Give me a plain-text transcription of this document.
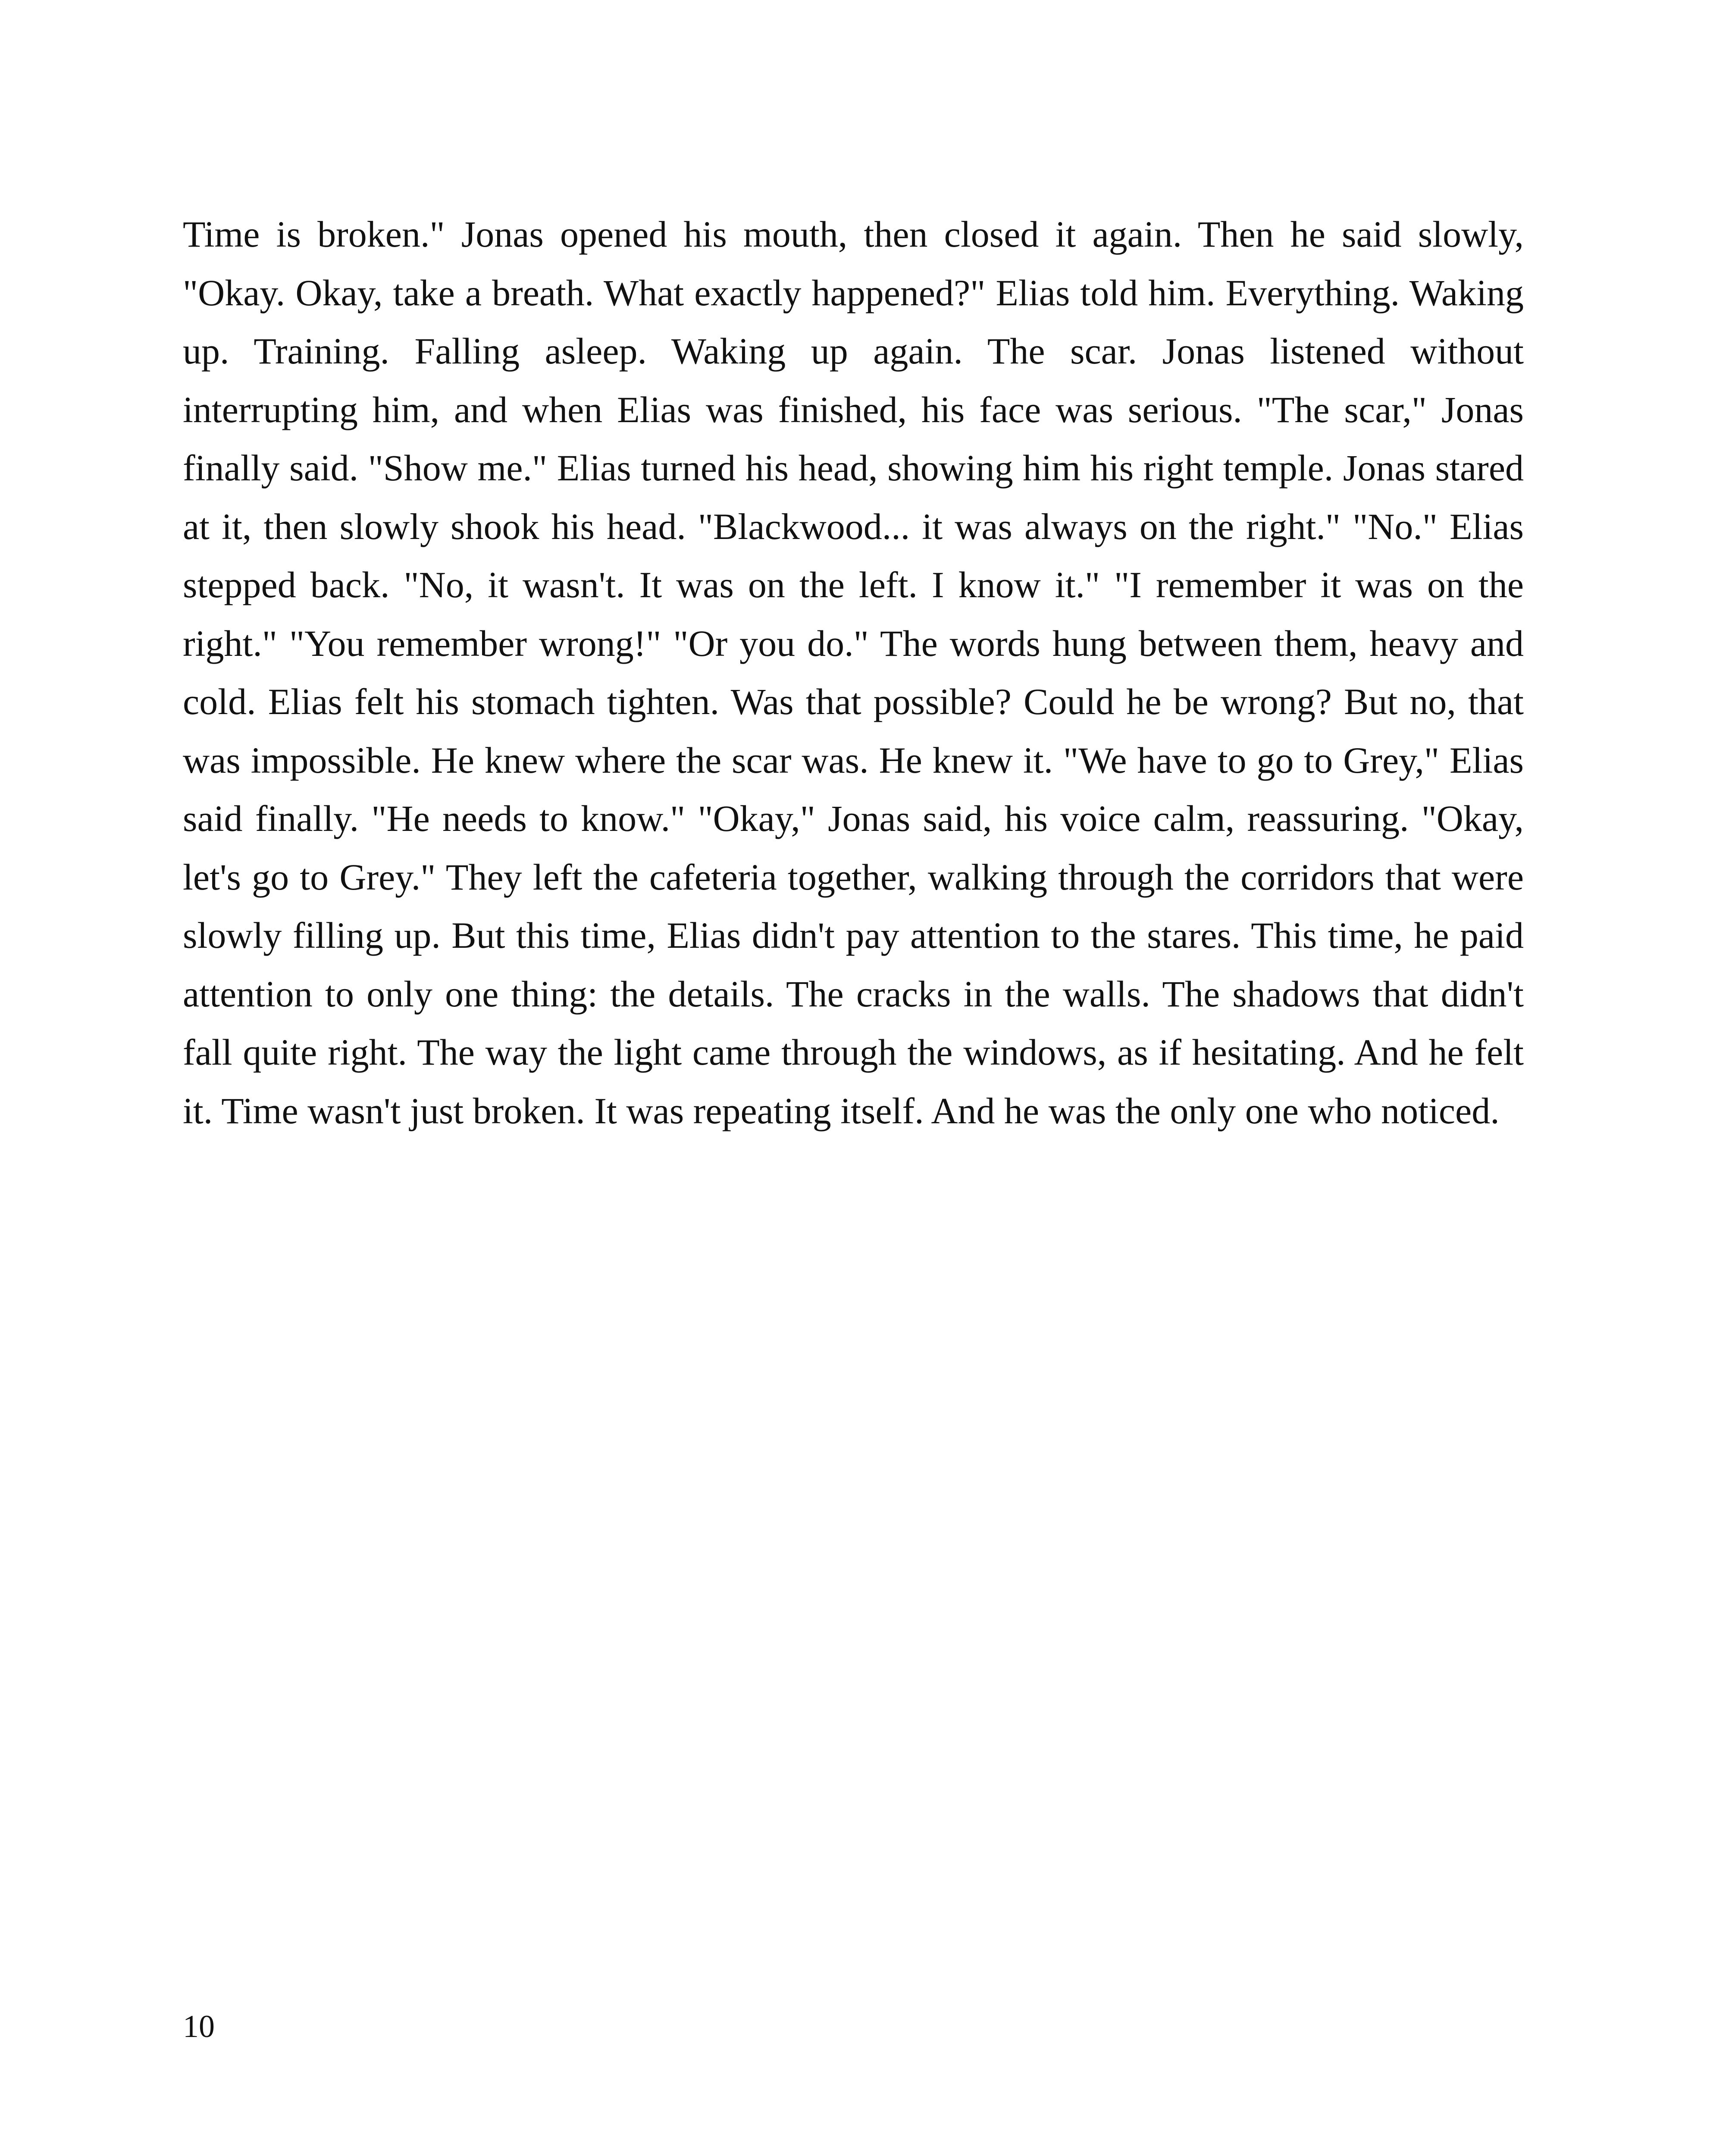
Time is broken." Jonas opened his mouth, then closed it again. Then he said slowly, "Okay. Okay, take a breath. What exactly happened?" Elias told him. Everything. Waking up. Training. Falling asleep. Waking up again. The scar. Jonas listened without interrupting him, and when Elias was finished, his face was serious. "The scar," Jonas finally said. "Show me." Elias turned his head, showing him his right temple. Jonas stared at it, then slowly shook his head. "Blackwood... it was always on the right." "No." Elias stepped back. "No, it wasn't. It was on the left. I know it." "I remember it was on the right." "You remember wrong!" "Or you do." The words hung between them, heavy and cold. Elias felt his stomach tighten. Was that possible? Could he be wrong? But no, that was impossible. He knew where the scar was. He knew it. "We have to go to Grey," Elias said finally. "He needs to know." "Okay," Jonas said, his voice calm, reassuring. "Okay, let's go to Grey." They left the cafeteria together, walking through the corridors that were slowly filling up. But this time, Elias didn't pay attention to the stares. This time, he paid attention to only one thing: the details. The cracks in the walls. The shadows that didn't fall quite right. The way the light came through the windows, as if hesitating. And he felt it. Time wasn't just broken. It was repeating itself. And he was the only one who noticed.

10
